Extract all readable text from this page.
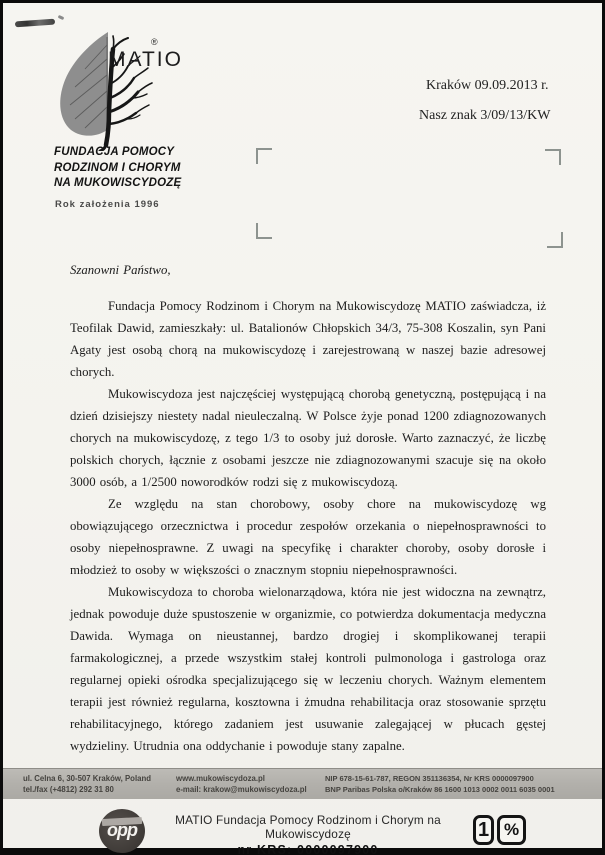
MATIO
®
FUNDACJA POMOCY
RODZINOM I CHORYM
NA MUKOWISCYDOZĘ
Rok założenia 1996
Kraków 09.09.2013 r.
Nasz znak 3/09/13/KW
Szanowni Państwo,

Fundacja Pomocy Rodzinom i Chorym na Mukowiscydozę MATIO zaświadcza, iż Teofilak Dawid, zamieszkały: ul. Batalionów Chłopskich 34/3, 75-308 Koszalin, syn Pani Agaty jest osobą chorą na mukowiscydozę i zarejestrowaną w naszej bazie adresowej chorych.

Mukowiscydoza jest najczęściej występującą chorobą genetyczną, postępującą i na dzień dzisiejszy niestety nadal nieuleczalną. W Polsce żyje ponad 1200 zdiagnozowanych chorych na mukowiscydozę, z tego 1/3 to osoby już dorosłe. Warto zaznaczyć, że liczbę polskich chorych, łącznie z osobami jeszcze nie zdiagnozowanymi szacuje się na około 3000 osób, a 1/2500 noworodków rodzi się z mukowiscydozą.

Ze względu na stan chorobowy, osoby chore na mukowiscydozę wg obowiązującego orzecznictwa i procedur zespołów orzekania o niepełnosprawności to osoby niepełnosprawne. Z uwagi na specyfikę i charakter choroby, osoby dorosłe i młodzież to osoby w większości o znacznym stopniu niepełnosprawności.

Mukowiscydoza to choroba wielonarządowa, która nie jest widoczna na zewnątrz, jednak powoduje duże spustoszenie w organizmie, co potwierdza dokumentacja medyczna Dawida. Wymaga on nieustannej, bardzo drogiej i skomplikowanej terapii farmakologicznej, a przede wszystkim stałej kontroli pulmonologa i gastrologa oraz regularnej opieki ośrodka specjalizującego się w leczeniu chorych. Ważnym elementem terapii jest również regularna, kosztowna i żmudna rehabilitacja oraz stosowanie sprzętu rehabilitacyjnego, którego zadaniem jest usuwanie zalegającej w płucach gęstej wydzieliny. Utrudnia ona oddychanie i powoduje stany zapalne.

ul. Celna 6, 30-507 Kraków, Poland
tel./fax (+4812) 292 31 80
www.mukowiscydoza.pl
e-mail: krakow@mukowiscydoza.pl
NIP 678-15-61-787, REGON 351136354, Nr KRS 0000097900
BNP Paribas Polska o/Kraków 86 1600 1013 0002 0011 6035 0001
opp	MATIO Fundacja Pomocy Rodzinom i Chorym na Mukowiscydozę
nr KRS: 0000097900
1 %
